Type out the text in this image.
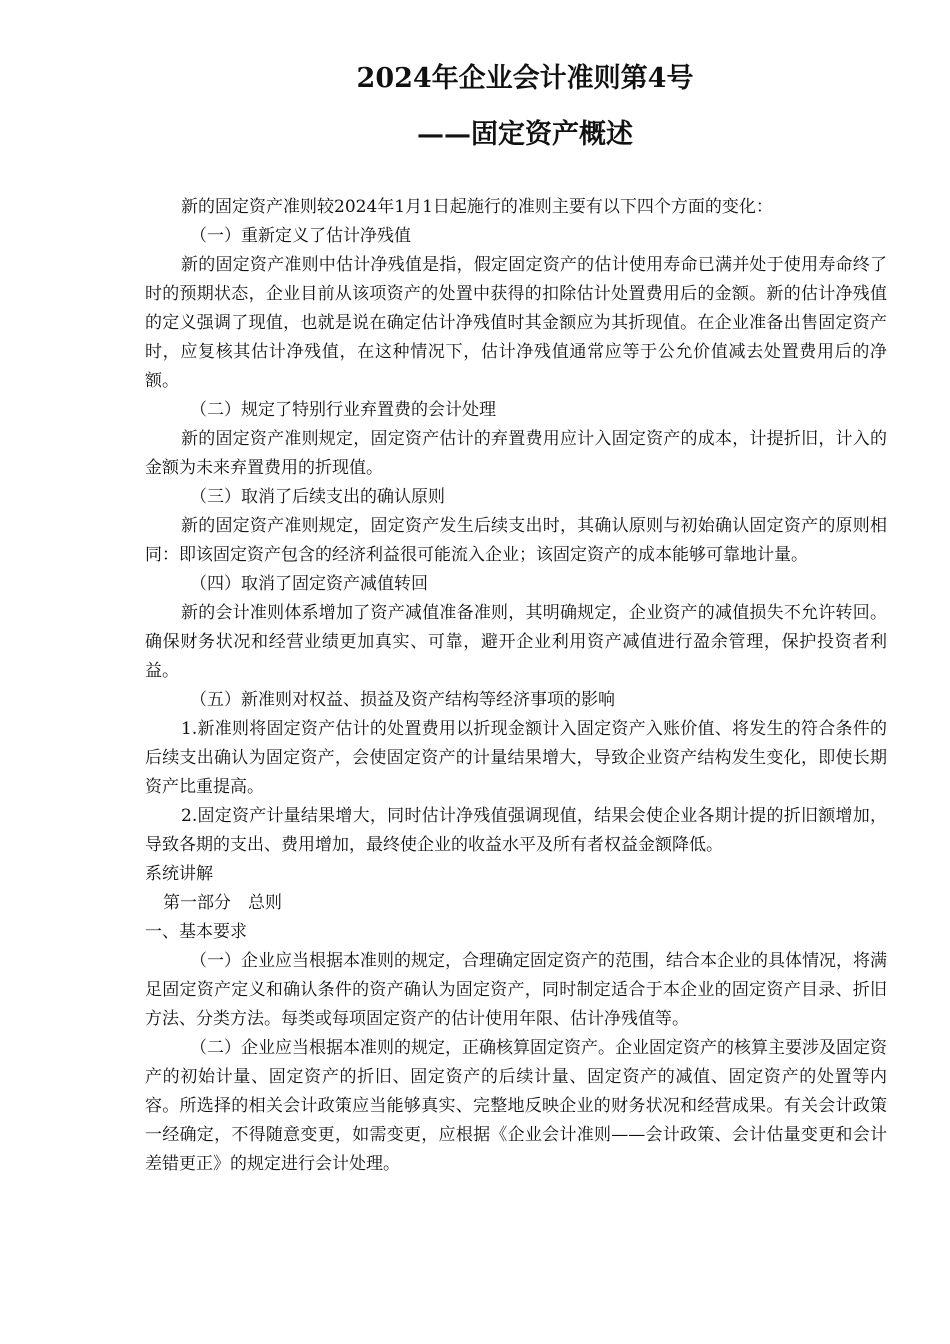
2024年企业会计准则第4号
——固定资产概述

新的固定资产准则较2024年1月1日起施行的准则主要有以下四个方面的变化：

（一）重新定义了估计净残值

新的固定资产准则中估计净残值是指，假定固定资产的估计使用寿命已满并处于使用寿命终了时的预期状态，企业目前从该项资产的处置中获得的扣除估计处置费用后的金额。新的估计净残值的定义强调了现值，也就是说在确定估计净残值时其金额应为其折现值。在企业准备出售固定资产时，应复核其估计净残值，在这种情况下，估计净残值通常应等于公允价值减去处置费用后的净额。

（二）规定了特别行业弃置费的会计处理

新的固定资产准则规定，固定资产估计的弃置费用应计入固定资产的成本，计提折旧，计入的金额为未来弃置费用的折现值。

（三）取消了后续支出的确认原则

新的固定资产准则规定，固定资产发生后续支出时，其确认原则与初始确认固定资产的原则相同：即该固定资产包含的经济利益很可能流入企业；该固定资产的成本能够可靠地计量。

（四）取消了固定资产减值转回

新的会计准则体系增加了资产减值准备准则，其明确规定，企业资产的减值损失不允许转回。确保财务状况和经营业绩更加真实、可靠，避开企业利用资产减值进行盈余管理，保护投资者利益。

（五）新准则对权益、损益及资产结构等经济事项的影响

1.新准则将固定资产估计的处置费用以折现金额计入固定资产入账价值、将发生的符合条件的后续支出确认为固定资产，会使固定资产的计量结果增大，导致企业资产结构发生变化，即使长期资产比重提高。

2.固定资产计量结果增大，同时估计净残值强调现值，结果会使企业各期计提的折旧额增加，导致各期的支出、费用增加，最终使企业的收益水平及所有者权益金额降低。

系统讲解

第一部分　总则

一、基本要求

（一）企业应当根据本准则的规定，合理确定固定资产的范围，结合本企业的具体情况，将满足固定资产定义和确认条件的资产确认为固定资产，同时制定适合于本企业的固定资产目录、折旧方法、分类方法。每类或每项固定资产的估计使用年限、估计净残值等。

（二）企业应当根据本准则的规定，正确核算固定资产。企业固定资产的核算主要涉及固定资产的初始计量、固定资产的折旧、固定资产的后续计量、固定资产的减值、固定资产的处置等内容。所选择的相关会计政策应当能够真实、完整地反映企业的财务状况和经营成果。有关会计政策一经确定，不得随意变更，如需变更，应根据《企业会计准则——会计政策、会计估量变更和会计差错更正》的规定进行会计处理。
